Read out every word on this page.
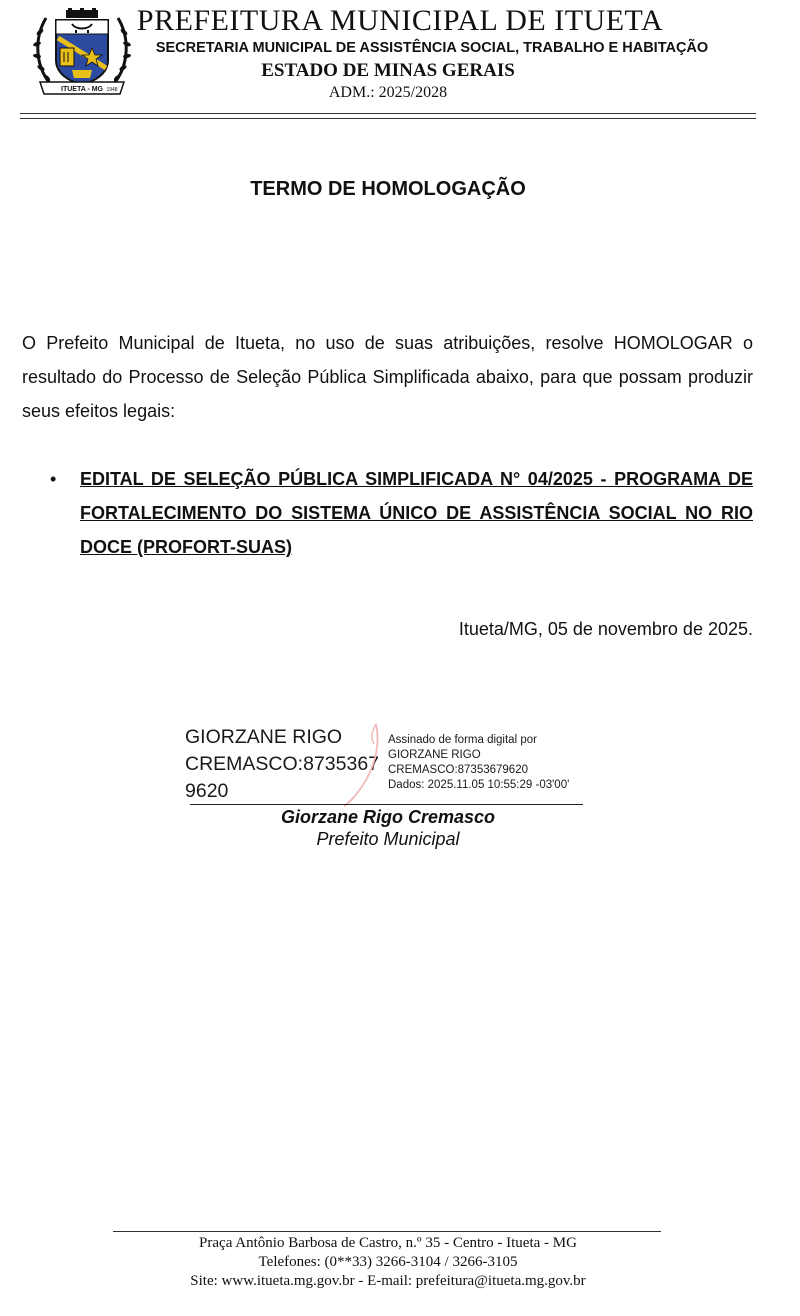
ITUETA - MG 1948
PREFEITURA MUNICIPAL DE ITUETA
SECRETARIA MUNICIPAL DE ASSISTÊNCIA SOCIAL, TRABALHO E HABITAÇÃO
ESTADO DE MINAS GERAIS
ADM.: 2025/2028
TERMO DE HOMOLOGAÇÃO

O Prefeito Municipal de Itueta, no uso de suas atribuições, resolve HOMOLOGAR o resultado do Processo de Seleção Pública Simplificada abaixo, para que possam produzir seus efeitos legais:

• EDITAL DE SELEÇÃO PÚBLICA SIMPLIFICADA N° 04/2025 - PROGRAMA DE FORTALECIMENTO DO SISTEMA ÚNICO DE ASSISTÊNCIA SOCIAL NO RIO DOCE (PROFORT-SUAS)

Itueta/MG, 05 de novembro de 2025.
GIORZANE RIGO
CREMASCO:8735367
9620
Assinado de forma digital por
GIORZANE RIGO
CREMASCO:87353679620
Dados: 2025.11.05 10:55:29 -03'00'
Giorzane Rigo Cremasco
Prefeito Municipal
Praça Antônio Barbosa de Castro, n.º 35 - Centro - Itueta - MG
Telefones: (0**33) 3266-3104 / 3266-3105
Site: www.itueta.mg.gov.br - E-mail: prefeitura@itueta.mg.gov.br
